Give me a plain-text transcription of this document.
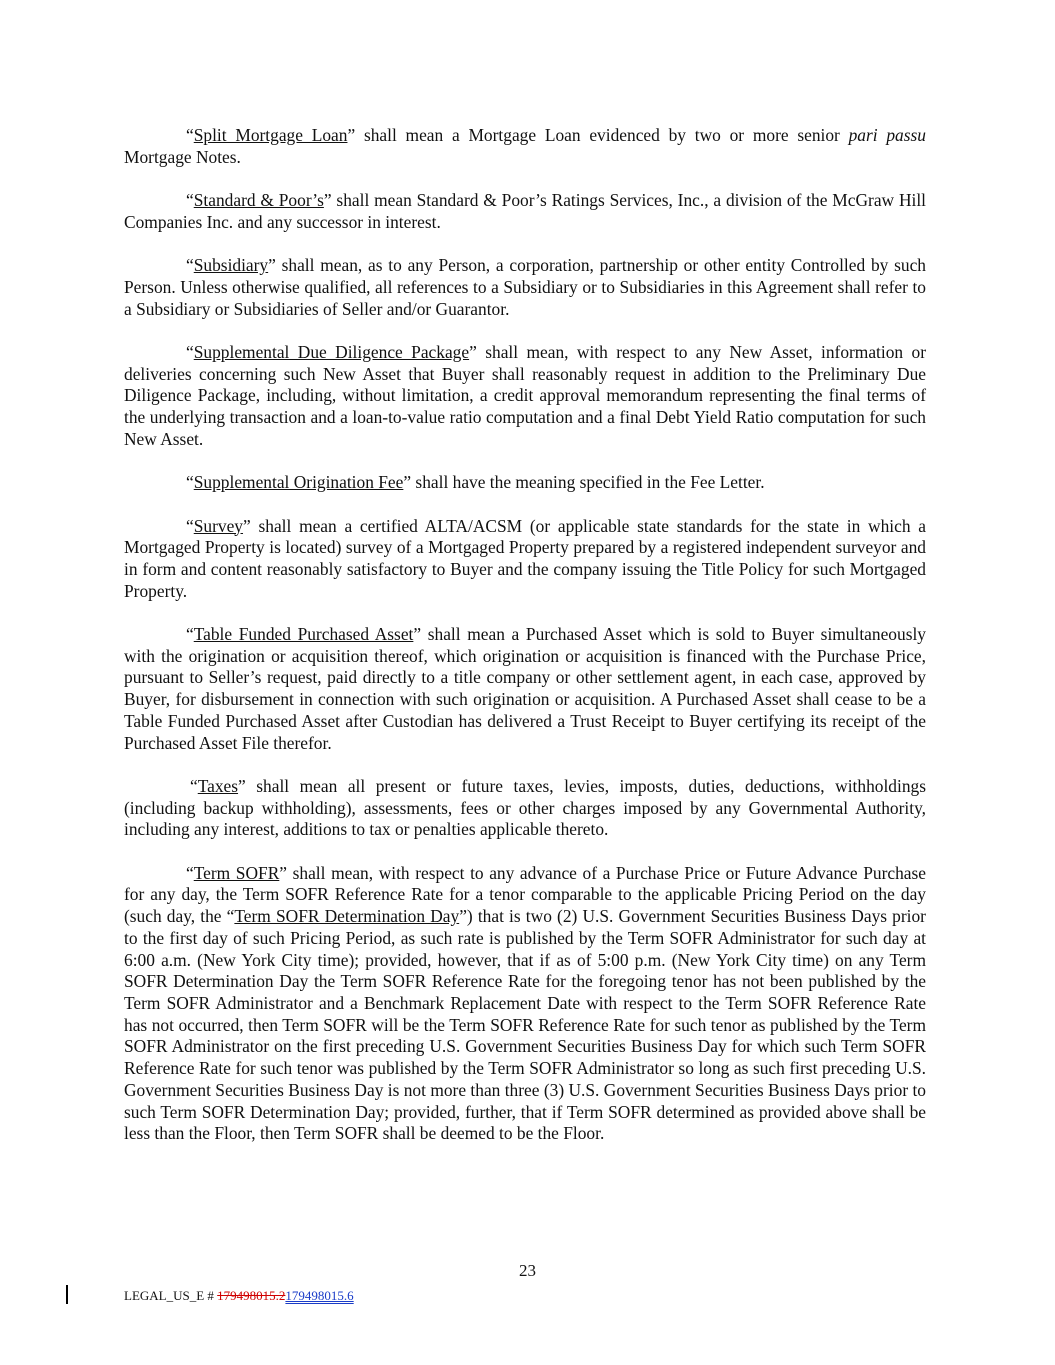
“Split Mortgage Loan” shall mean a Mortgage Loan evidenced by two or more senior pari passu Mortgage Notes.

“Standard & Poor’s” shall mean Standard & Poor’s Ratings Services, Inc., a division of the McGraw Hill Companies Inc. and any successor in interest.

“Subsidiary” shall mean, as to any Person, a corporation, partnership or other entity Controlled by such Person. Unless otherwise qualified, all references to a Subsidiary or to Subsidiaries in this Agreement shall refer to a Subsidiary or Subsidiaries of Seller and/or Guarantor.

“Supplemental Due Diligence Package” shall mean, with respect to any New Asset, information or deliveries concerning such New Asset that Buyer shall reasonably request in addition to the Preliminary Due Diligence Package, including, without limitation, a credit approval memorandum representing the final terms of the underlying transaction and a loan-to-value ratio computation and a final Debt Yield Ratio computation for such New Asset.

“Supplemental Origination Fee” shall have the meaning specified in the Fee Letter.

“Survey” shall mean a certified ALTA/ACSM (or applicable state standards for the state in which a Mortgaged Property is located) survey of a Mortgaged Property prepared by a registered independent surveyor and in form and content reasonably satisfactory to Buyer and the company issuing the Title Policy for such Mortgaged Property.

“Table Funded Purchased Asset” shall mean a Purchased Asset which is sold to Buyer simultaneously with the origination or acquisition thereof, which origination or acquisition is financed with the Purchase Price, pursuant to Seller’s request, paid directly to a title company or other settlement agent, in each case, approved by Buyer, for disbursement in connection with such origination or acquisition. A Purchased Asset shall cease to be a Table Funded Purchased Asset after Custodian has delivered a Trust Receipt to Buyer certifying its receipt of the Purchased Asset File therefor.

“Taxes” shall mean all present or future taxes, levies, imposts, duties, deductions, withholdings (including backup withholding), assessments, fees or other charges imposed by any Governmental Authority, including any interest, additions to tax or penalties applicable thereto.

“Term SOFR” shall mean, with respect to any advance of a Purchase Price or Future Advance Purchase for any day, the Term SOFR Reference Rate for a tenor comparable to the applicable Pricing Period on the day (such day, the “Term SOFR Determination Day”) that is two (2) U.S. Government Securities Business Days prior to the first day of such Pricing Period, as such rate is published by the Term SOFR Administrator for such day at 6:00 a.m. (New York City time); provided, however, that if as of 5:00 p.m. (New York City time) on any Term SOFR Determination Day the Term SOFR Reference Rate for the foregoing tenor has not been published by the Term SOFR Administrator and a Benchmark Replacement Date with respect to the Term SOFR Reference Rate has not occurred, then Term SOFR will be the Term SOFR Reference Rate for such tenor as published by the Term SOFR Administrator on the first preceding U.S. Government Securities Business Day for which such Term SOFR Reference Rate for such tenor was published by the Term SOFR Administrator so long as such first preceding U.S. Government Securities Business Day is not more than three (3) U.S. Government Securities Business Days prior to such Term SOFR Determination Day; provided, further, that if Term SOFR determined as provided above shall be less than the Floor, then Term SOFR shall be deemed to be the Floor.

23
LEGAL_US_E # 179498015.2179498015.6
